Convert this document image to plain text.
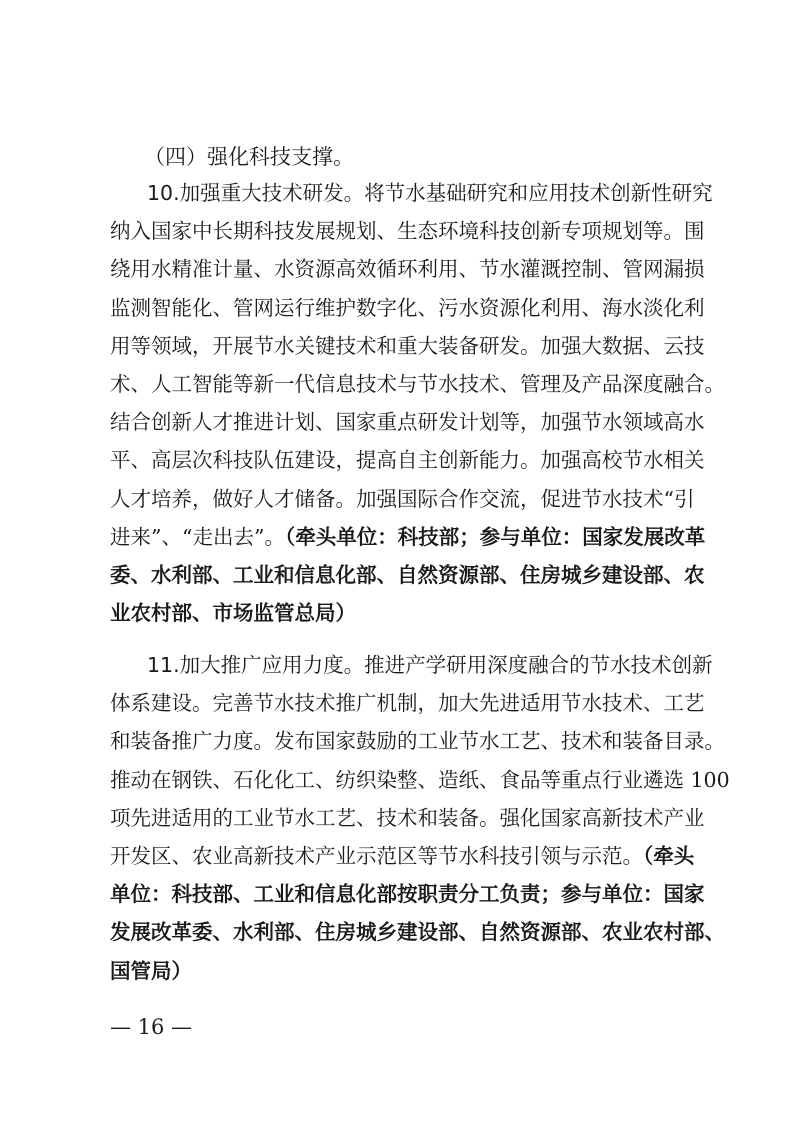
（四）强化科技支撑。
10.加强重大技术研发。将节水基础研究和应用技术创新性研究
纳入国家中长期科技发展规划、生态环境科技创新专项规划等。围
绕用水精准计量、水资源高效循环利用、节水灌溉控制、管网漏损
监测智能化、管网运行维护数字化、污水资源化利用、海水淡化利
用等领域，开展节水关键技术和重大装备研发。加强大数据、云技
术、人工智能等新一代信息技术与节水技术、管理及产品深度融合。
结合创新人才推进计划、国家重点研发计划等，加强节水领域高水
平、高层次科技队伍建设，提高自主创新能力。加强高校节水相关
人才培养，做好人才储备。加强国际合作交流，促进节水技术“引
进来”、“走出去”。（牵头单位：科技部；参与单位：国家发展改革
委、水利部、工业和信息化部、自然资源部、住房城乡建设部、农
业农村部、市场监管总局）
11.加大推广应用力度。推进产学研用深度融合的节水技术创新
体系建设。完善节水技术推广机制，加大先进适用节水技术、工艺
和装备推广力度。发布国家鼓励的工业节水工艺、技术和装备目录。
推动在钢铁、石化化工、纺织染整、造纸、食品等重点行业遴选 100
项先进适用的工业节水工艺、技术和装备。强化国家高新技术产业
开发区、农业高新技术产业示范区等节水科技引领与示范。（牵头
单位：科技部、工业和信息化部按职责分工负责；参与单位：国家
发展改革委、水利部、住房城乡建设部、自然资源部、农业农村部、
国管局）
— 16 —
